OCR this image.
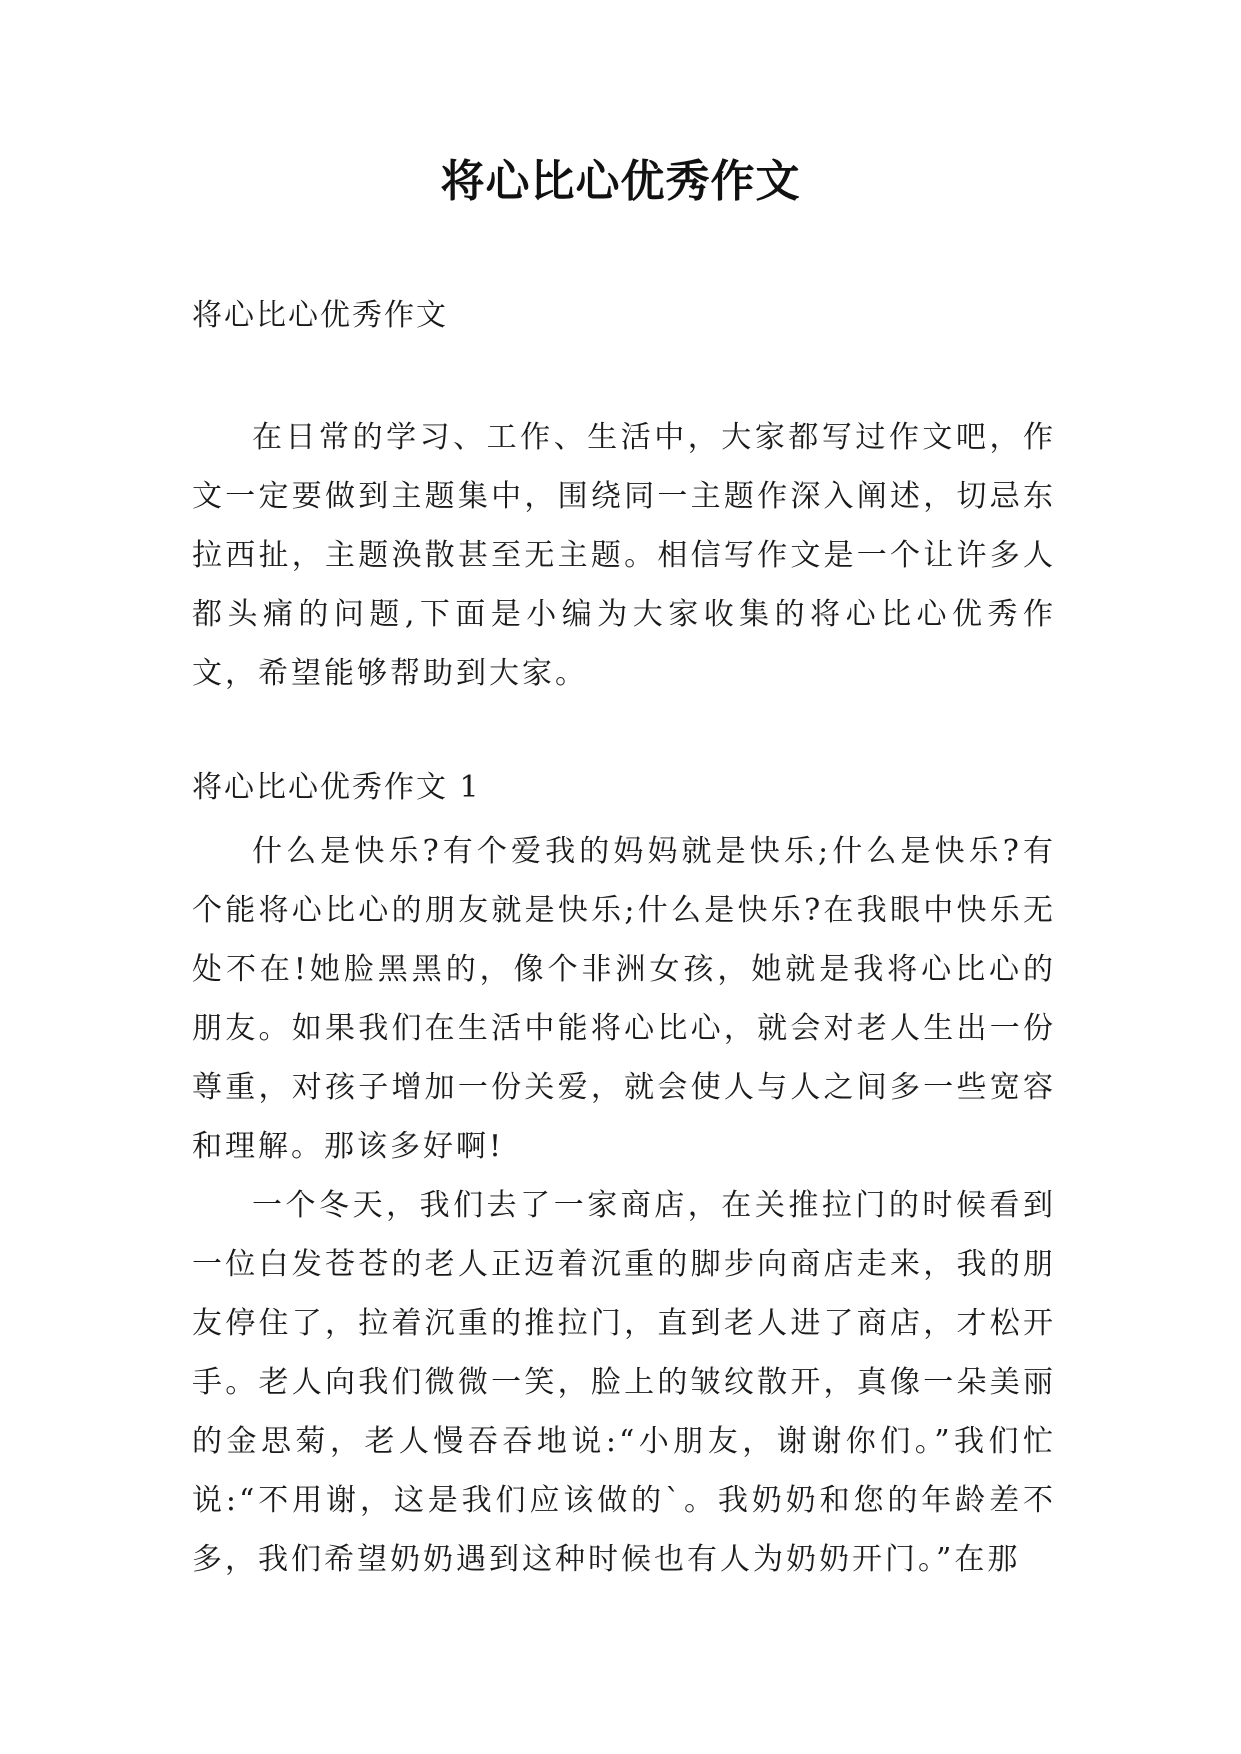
将心比心优秀作文
将心比心优秀作文

在日常的学习、工作、生活中，大家都写过作文吧，作文一定要做到主题集中，围绕同一主题作深入阐述，切忌东拉西扯，主题涣散甚至无主题。相信写作文是一个让许多人都头痛的问题,下面是小编为大家收集的将心比心优秀作文，希望能够帮助到大家。

将心比心优秀作文 1

什么是快乐?有个爱我的妈妈就是快乐;什么是快乐?有个能将心比心的朋友就是快乐;什么是快乐?在我眼中快乐无处不在!她脸黑黑的，像个非洲女孩，她就是我将心比心的朋友。如果我们在生活中能将心比心，就会对老人生出一份尊重，对孩子增加一份关爱，就会使人与人之间多一些宽容和理解。那该多好啊!

一个冬天，我们去了一家商店，在关推拉门的时候看到一位白发苍苍的老人正迈着沉重的脚步向商店走来，我的朋友停住了，拉着沉重的推拉门，直到老人进了商店，才松开手。老人向我们微微一笑，脸上的皱纹散开，真像一朵美丽的金思菊，老人慢吞吞地说:“小朋友，谢谢你们。”我们忙说:“不用谢，这是我们应该做的`。我奶奶和您的年龄差不多，我们希望奶奶遇到这种时候也有人为奶奶开门。”在那
